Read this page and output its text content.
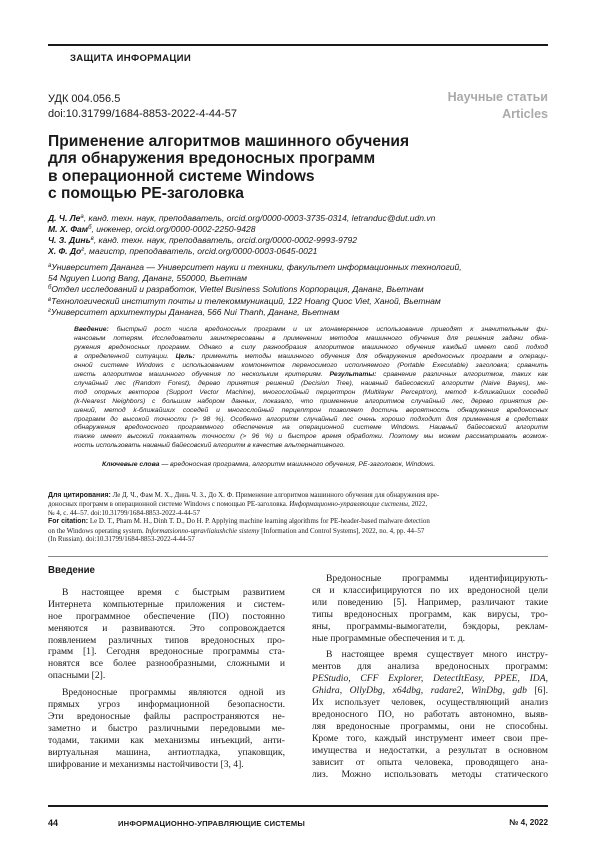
ЗАЩИТА ИНФОРМАЦИИ
УДК 004.056.5
doi:10.31799/1684-8853-2022-4-44-57
Научные статьи
Articles
Применение алгоритмов машинного обучения
для обнаружения вредоносных программ
в операционной системе Windows
с помощью PE-заголовка
Д. Ч. $Ле^а$, канд. техн. наук, преподаватель, orcid.org/0000-0003-3735-0314, letranduc@dut.udn.vn
М. Х. Фам$^б$, инженер, orcid.org/0000-0002-2250-9428
Ч. З. Динь$^в$, канд. техн. наук, преподаватель, orcid.org/0000-0002-9993-9792
Х. Ф. $До^г$, магистр, преподаватель, orcid.org/0000-0003-0645-0021
$^а$Университет Дананга — Университет науки и техники, факультет информационных технологий,
54 Nguyen Luong Bang, Дананг, 550000, Вьетнам
$^б$Отдел исследований и разработок, Viettel Business Solutions Корпорация, Дананг, Вьетнам
$^в$Технологический институт почты и телекоммуникаций, 122 Hoang Quoc Viet, Ханой, Вьетнам
$^г$Университет архитектуры Дананга, 566 Nui Thanh, Дананг, Вьетнам
Введение: быстрый рост числа вредоносных программ и их злонамеренное использование приводят к значительным фи-
нансовым потерям. Исследователи заинтересованы в применении методов машинного обучения для решения задачи обна-
ружения вредоносных программ. Однако в силу разнообразия алгоритмов машинного обучения каждый имеет свой подход
в определенной ситуации. Цель: применить методы машинного обучения для обнаружения вредоносных программ в операци-
онной системе Windows с использованием компонентов переносимого исполняемого (Portable Executable) заголовка; сравнить
шесть алгоритмов машинного обучения по нескольким критериям. Результаты: сравнение различных алгоритмов, таких как
случайный лес (Random Forest), дерево принятия решений (Decision Tree), наивный байесовский алгоритм (Naive Bayes), ме-
тод опорных векторов (Support Vector Machine), многослойный перцептрон (Multilayer Perceptron), метод k-ближайших соседей
(k-Nearest Neighbors) с большим набором данных, показало, что применение алгоритмов случайный лес, дерево принятия ре-
шений, метод k-ближайших соседей и многослойный перцептрон позволяет достичь вероятность обнаружения вредоносных
программ до высокой точности (> 98 %). Особенно алгоритм случайный лес очень хорошо подходит для применения в средствах
обнаружения вредоносного программного обеспечения на операционной системе Windows. Наивный байесовский алгоритм
также имеет высокий показатель точности (> 96 %) и быстрое время обработки. Поэтому мы можем рассматривать возмож-
ность использовать наивный байесовский алгоритм в качестве альтернативного.
Ключевые слова — вредоносная программа, алгоритм машинного обучения, PE-заголовок, Windows.
Для цитирования: Ле Д. Ч., Фам М. Х., Динь Ч. З., До Х. Ф. Применение алгоритмов машинного обучения для обнаружения вре-
доносных программ в операционной системе Windows с помощью PE-заголовка. Информационно-управляющие системы, 2022,
№ 4, с. 44–57. doi:10.31799/1684-8853-2022-4-44-57
For citation: Le D. T., Pham M. H., Dinh T. D., Do H. P. Applying machine learning algorithms for PE-header-based malware detection
on the Windows operating system. Informatsionno-upravliaiushchie sistemy [Information and Control Systems], 2022, no. 4, pp. 44–57
(In Russian). doi:10.31799/1684-8853-2022-4-44-57
Введение
В настоящее время с быстрым развитием
Интернета компьютерные приложения и систем-
ное программное обеспечение (ПО) постоянно
меняются и развиваются. Это сопровождается
появлением различных типов вредоносных про-
грамм [1]. Сегодня вредоносные программы ста-
новятся все более разнообразными, сложными и
опасными [2].
Вредоносные программы являются одной из
прямых угроз информационной безопасности.
Эти вредоносные файлы распространяются не-
заметно и быстро различными передовыми ме-
тодами, такими как механизмы инъекций, анти-
виртуальная машина, антиотладка, упаковщик,
шифрование и механизмы настойчивости [3, 4].
Вредоносные программы идентифицирують-
ся и классифицируются по их вредоносной цели
или поведению [5]. Например, различают такие
типы вредоносных программ, как вирусы, тро-
яны, программы-вымогатели, бэкдоры, реклам-
ные программные обеспечения и т. д.
В настоящее время существует много инстру-
ментов для анализа вредоносных программ:
PEStudio, CFF Explorer, DetectItEasy, PPEE, IDA,
Ghidra, OllyDbg, x64dbg, radare2, WinDbg, gdb [6].
Их использует человек, осуществляющий анализ
вредоносного ПО, но работать автономно, выяв-
ляя вредоносные программы, они не способны.
Кроме того, каждый инструмент имеет свои пре-
имущества и недостатки, а результат в основном
зависит от опыта человека, проводящего ана-
лиз. Можно использовать методы статического
44	ИНФОРМАЦИОННО-УПРАВЛЯЮЩИЕ СИСТЕМЫ	№ 4, 2022
